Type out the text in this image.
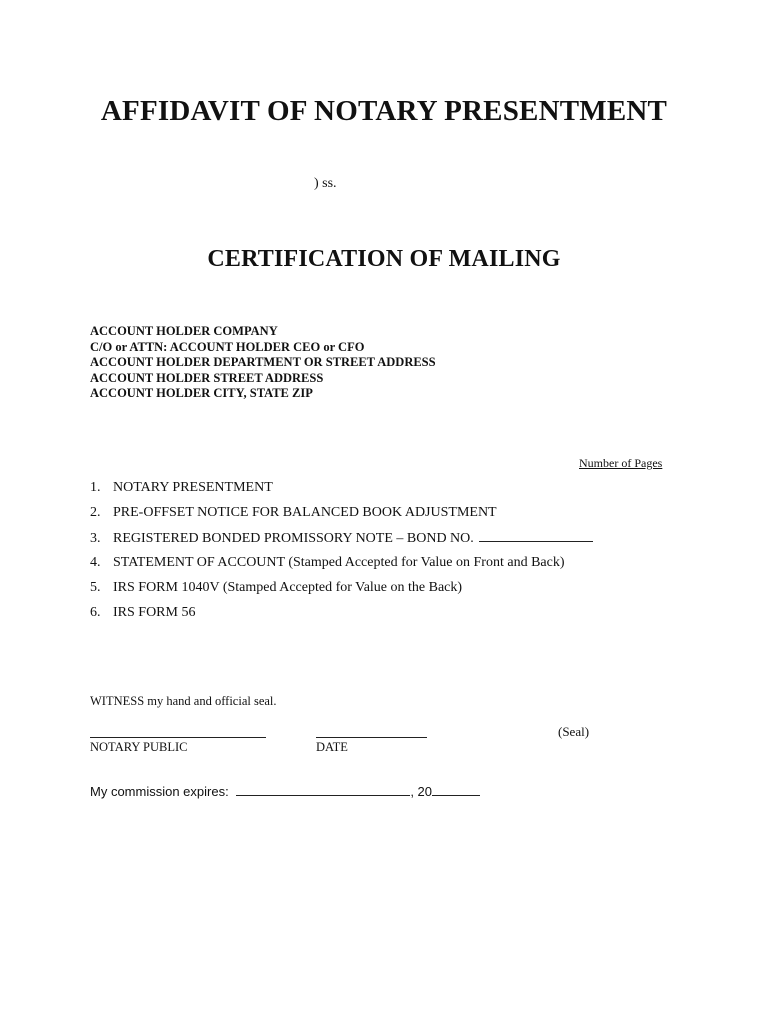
AFFIDAVIT OF NOTARY PRESENTMENT
) ss.
CERTIFICATION OF MAILING
ACCOUNT HOLDER COMPANY
C/O or ATTN: ACCOUNT HOLDER CEO or CFO
ACCOUNT HOLDER DEPARTMENT OR STREET ADDRESS
ACCOUNT HOLDER STREET ADDRESS
ACCOUNT HOLDER CITY, STATE ZIP
Number of Pages
1. NOTARY PRESENTMENT
2. PRE-OFFSET NOTICE FOR BALANCED BOOK ADJUSTMENT
3. REGISTERED BONDED PROMISSORY NOTE – BOND NO.
4. STATEMENT OF ACCOUNT (Stamped Accepted for Value on Front and Back)
5. IRS FORM 1040V (Stamped Accepted for Value on the Back)
6. IRS FORM 56
WITNESS my hand and official seal.
NOTARY PUBLIC	DATE
(Seal)
My commission expires:	, 20
